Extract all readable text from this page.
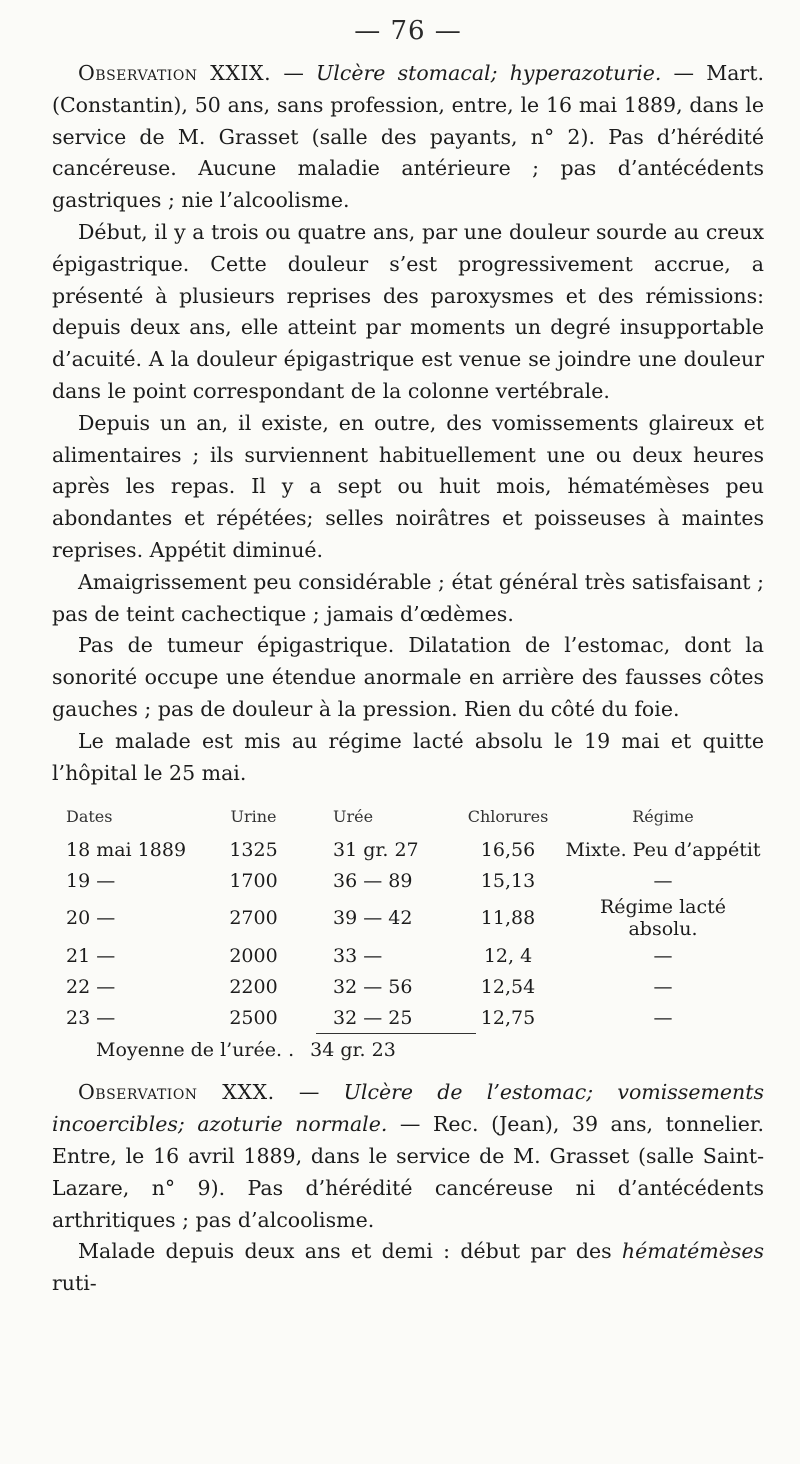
— 76 —

Observation XXIX. — Ulcère stomacal; hyperazoturie. — Mart. (Constantin), 50 ans, sans profession, entre, le 16 mai 1889, dans le service de M. Grasset (salle des payants, n° 2). Pas d’hérédité cancéreuse. Aucune maladie antérieure ; pas d’antécédents gastriques ; nie l’alcoolisme.

Début, il y a trois ou quatre ans, par une douleur sourde au creux épigastrique. Cette douleur s’est progressivement accrue, a présenté à plusieurs reprises des paroxysmes et des rémissions: depuis deux ans, elle atteint par moments un degré insupportable d’acuité. A la douleur épigastrique est venue se joindre une douleur dans le point correspondant de la colonne vertébrale.

Depuis un an, il existe, en outre, des vomissements glaireux et alimentaires ; ils surviennent habituellement une ou deux heures après les repas. Il y a sept ou huit mois, hématémèses peu abondantes et répétées; selles noirâtres et poisseuses à maintes reprises. Appétit diminué.

Amaigrissement peu considérable ; état général très satisfaisant ; pas de teint cachectique ; jamais d’œdèmes.

Pas de tumeur épigastrique. Dilatation de l’estomac, dont la sonorité occupe une étendue anormale en arrière des fausses côtes gauches ; pas de douleur à la pression. Rien du côté du foie.

Le malade est mis au régime lacté absolu le 19 mai et quitte l’hôpital le 25 mai.

Dates	Urine	Urée	Chlorures	Régime
18 mai 1889	1325	31 gr. 27	16,56	Mixte. Peu d’appétit
19 —	1700	36 — 89	15,13	—
20 —	2700	39 — 42	11,88	Régime lacté absolu.
21 —	2000	33 —	12, 4	—
22 —	2200	32 — 56	12,54	—
23 —	2500	32 — 25	12,75	—
Moyenne de l’urée. . 34 gr. 23

Observation XXX. — Ulcère de l’estomac; vomissements incoercibles; azoturie normale. — Rec. (Jean), 39 ans, tonnelier. Entre, le 16 avril 1889, dans le service de M. Grasset (salle Saint-Lazare, n° 9). Pas d’hérédité cancéreuse ni d’antécédents arthritiques ; pas d’alcoolisme.

Malade depuis deux ans et demi : début par des hématémèses ruti-
